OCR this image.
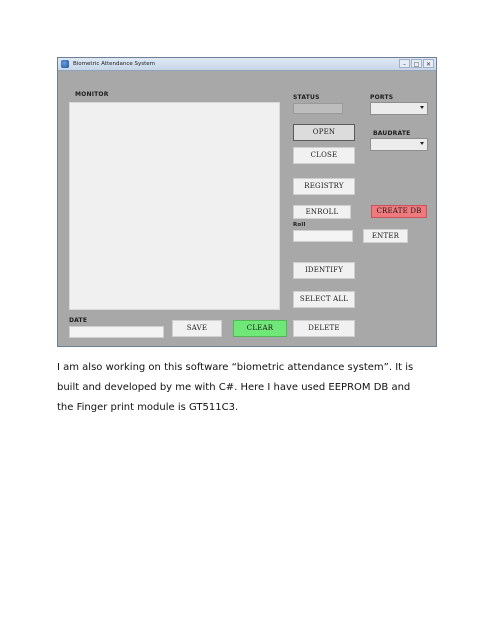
Biometric Attendance System	–	□	✕
MONITOR	STATUS	PORTS
BAUDRATE
OPEN
CLOSE
REGISTRY
ENROLL	CREATE DB
Roll
ENTER
IDENTIFY
SELECT ALL
DATE
SAVE	CLEAR	DELETE

I am also working on this software “biometric attendance system”. It is

built and developed by me with C#. Here I have used EEPROM DB and

the Finger print module is GT511C3.
